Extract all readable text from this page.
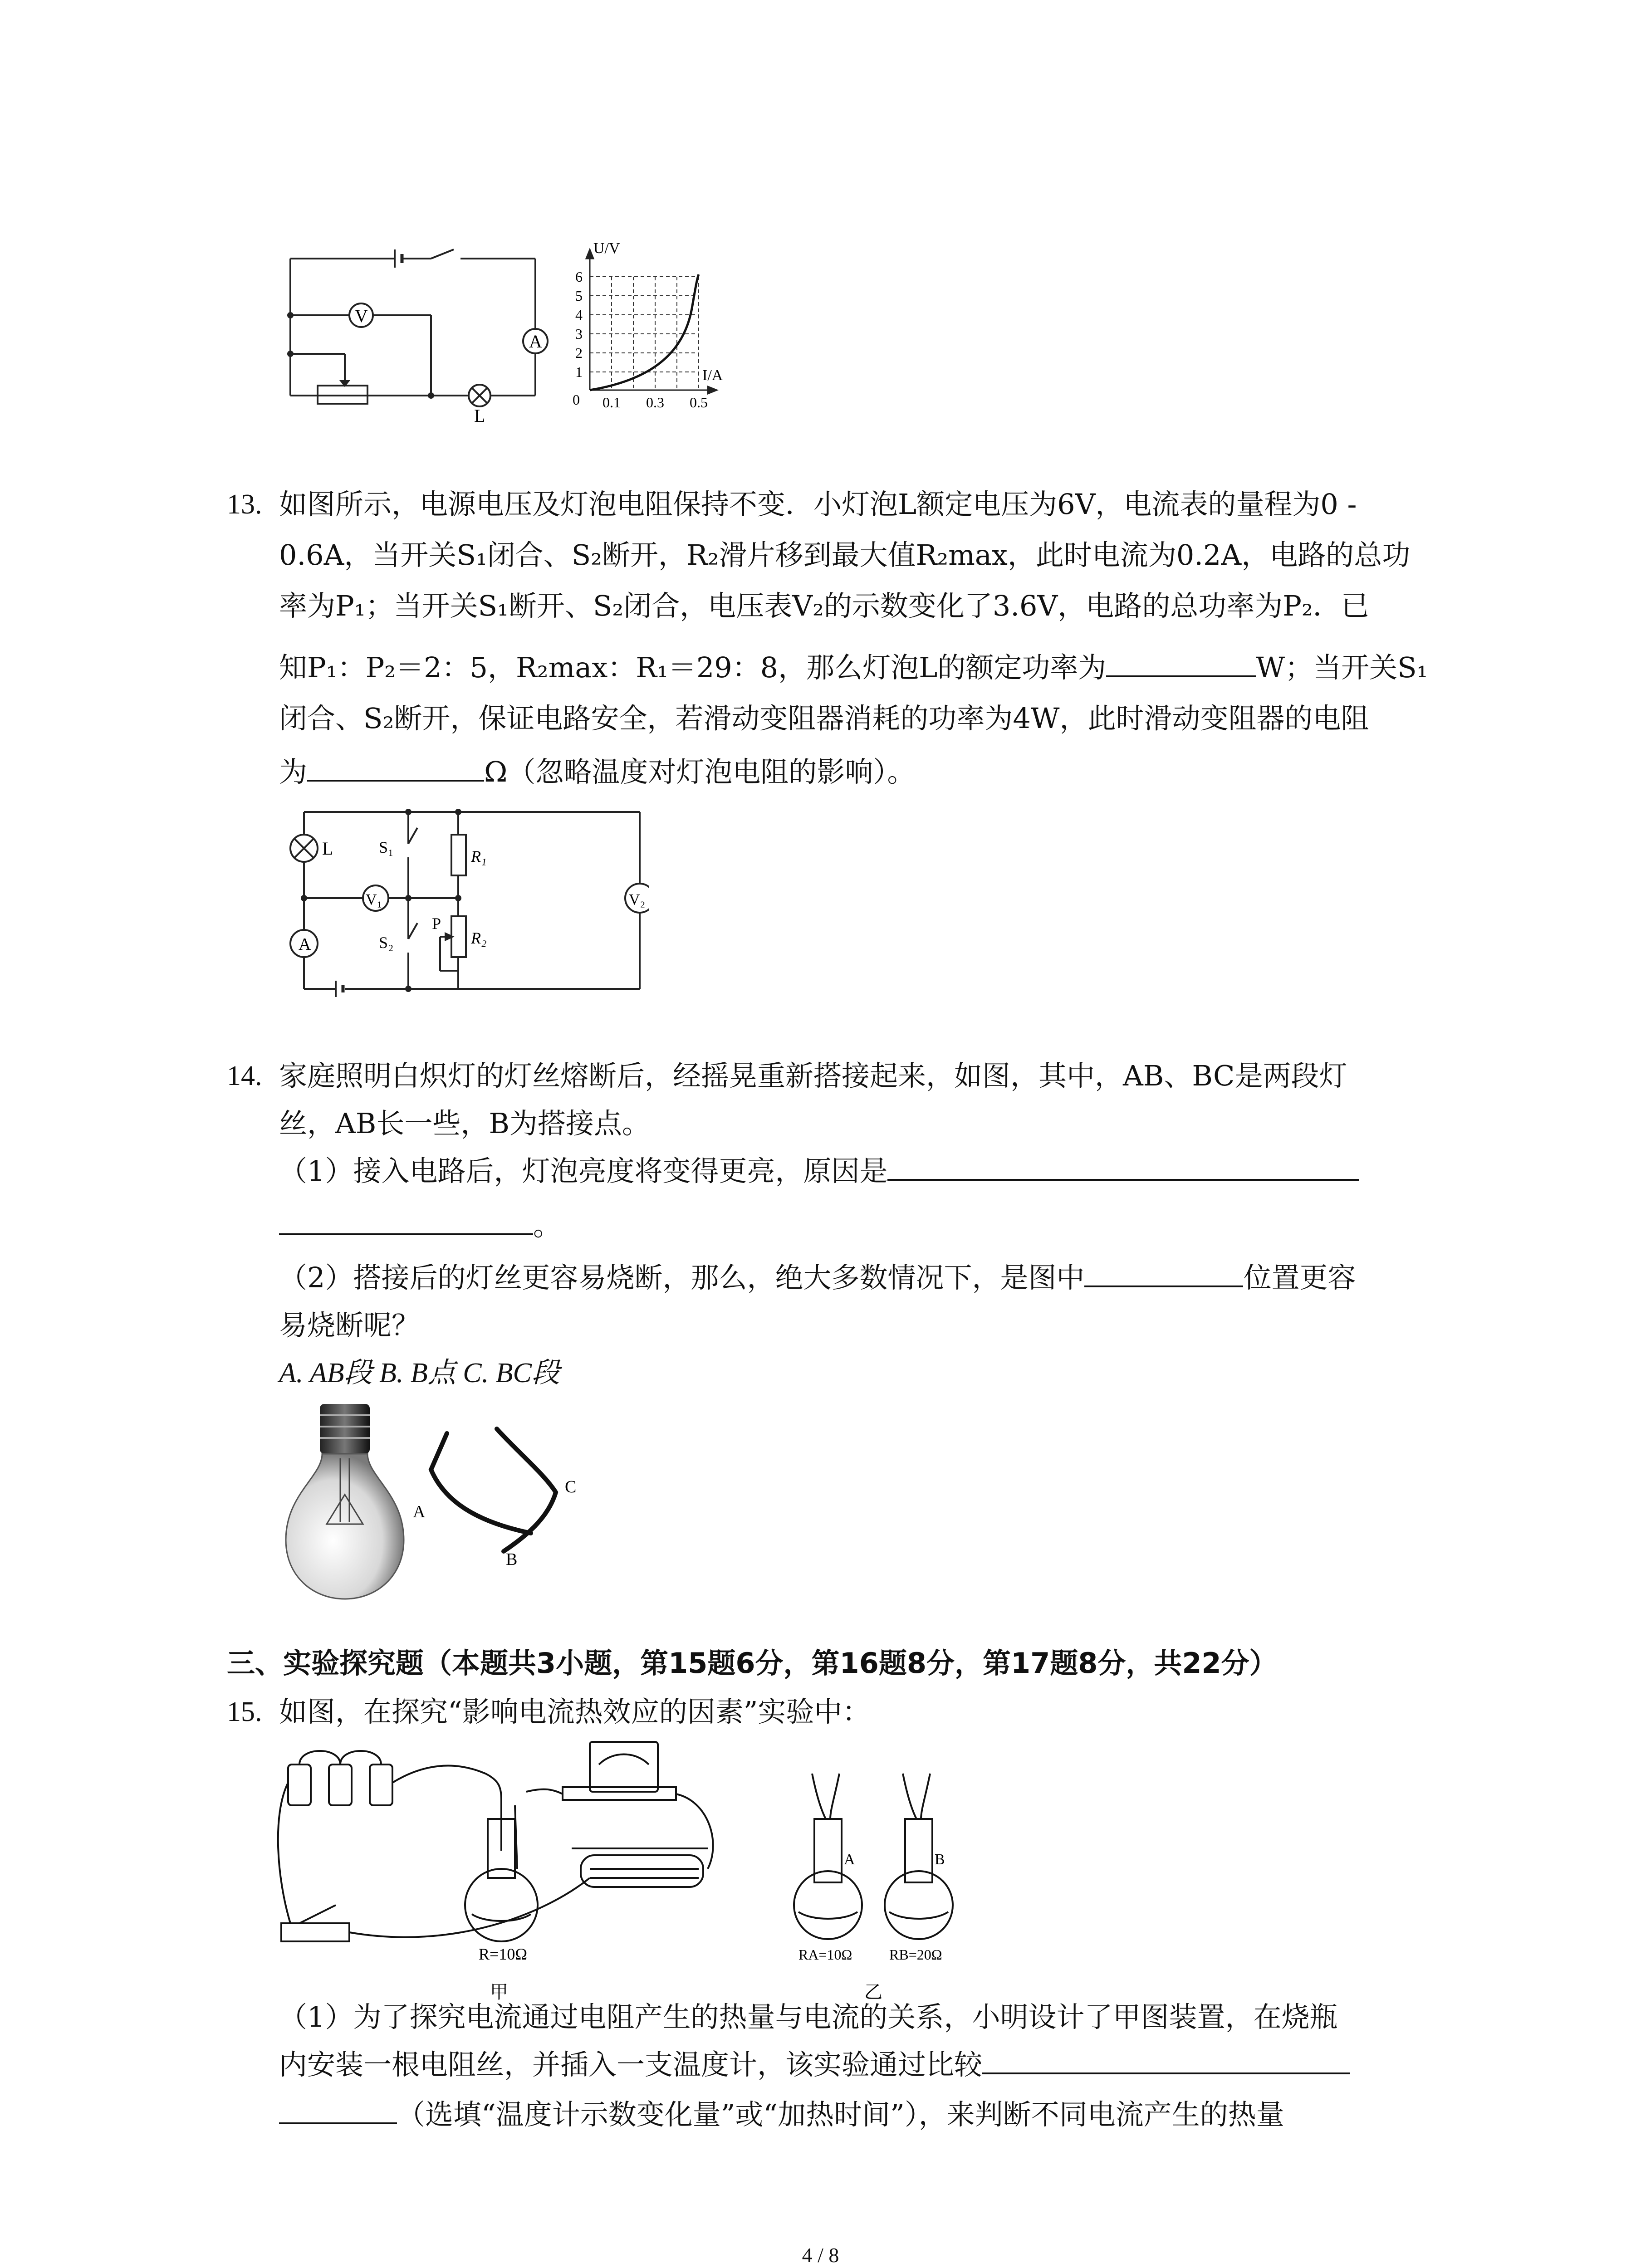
V
A
L
U/V
I/A
0
1
2
3
4
5
6
0.1 0.3 0.5
13. 如图所示，电源电压及灯泡电阻保持不变．小灯泡L额定电压为6V，电流表的量程为0 -
0.6A，当开关S₁闭合、S₂断开，R₂滑片移到最大值R₂max，此时电流为0.2A，电路的总功
率为P₁；当开关S₁断开、S₂闭合，电压表V₂的示数变化了3.6V，电路的总功率为P₂．已
知P₁：P₂＝2：5，R₂max：R₁＝29：8，那么灯泡L的额定功率为	W；当开关S₁
闭合、S₂断开，保证电路安全，若滑动变阻器消耗的功率为4W，此时滑动变阻器的电阻
为	Ω（忽略温度对灯泡电阻的影响）。
L
A
V₁	V₂
S₁
S₂
R₁
R₂
P
14. 家庭照明白炽灯的灯丝熔断后，经摇晃重新搭接起来，如图，其中，AB、BC是两段灯
丝，AB长一些，B为搭接点。
（1）接入电路后，灯泡亮度将变得更亮，原因是
。
（2）搭接后的灯丝更容易烧断，那么，绝大多数情况下，是图中	位置更容
易烧断呢？
A. AB段 B. B点 C. BC段
A
C
B
三、实验探究题（本题共3小题，第15题6分，第16题8分，第17题8分，共22分）
15. 如图，在探究“影响电流热效应的因素”实验中：
R=10Ω
甲
A	B
RA=10Ω	RB=20Ω
乙
（1）为了探究电流通过电阻产生的热量与电流的关系，小明设计了甲图装置，在烧瓶
内安装一根电阻丝，并插入一支温度计，该实验通过比较
（选填“温度计示数变化量”或“加热时间”），来判断不同电流产生的热量
4 / 8
